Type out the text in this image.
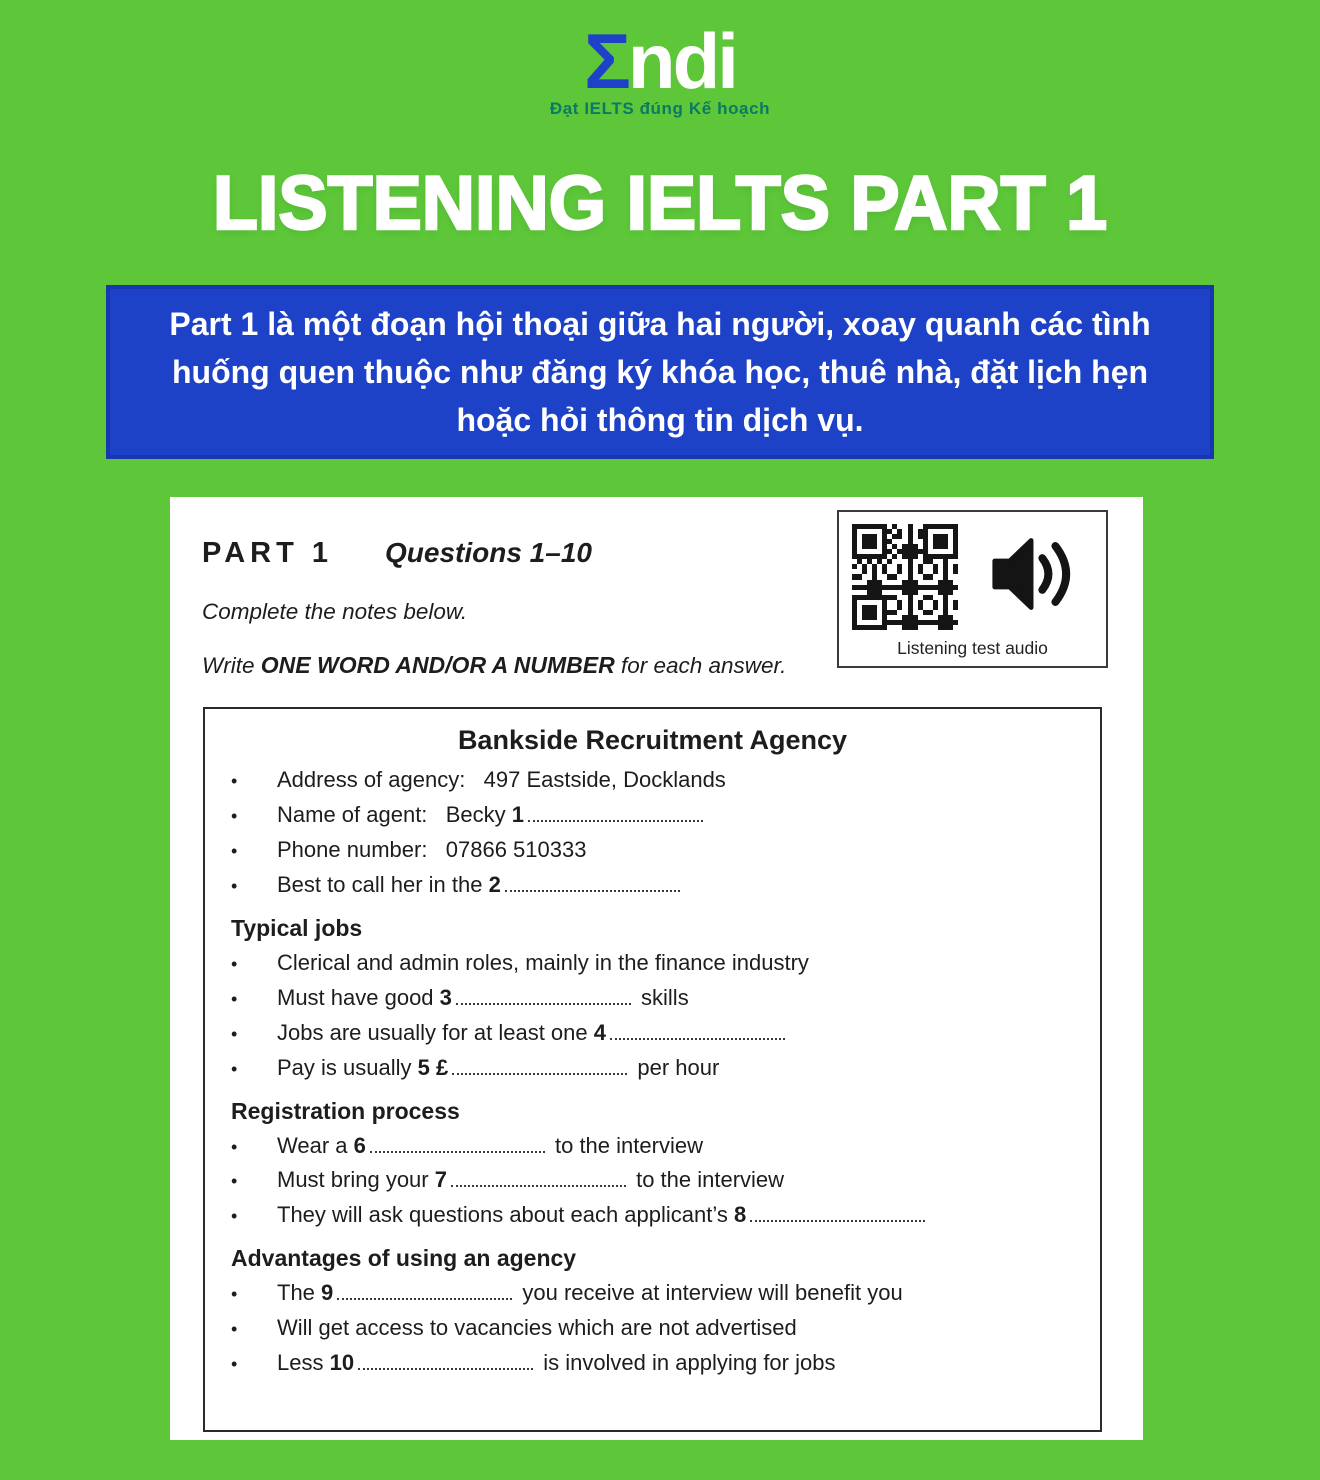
Σndi
Đạt IELTS đúng Kế hoạch
LISTENING IELTS PART 1

Part 1 là một đoạn hội thoại giữa hai người, xoay quanh các tình huống quen thuộc như đăng ký khóa học, thuê nhà, đặt lịch hẹn hoặc hỏi thông tin dịch vụ.

PART 1 Questions 1–10
Complete the notes below.
Write ONE WORD AND/OR A NUMBER for each answer.
Listening test audio
Bankside Recruitment Agency
•	Address of agency:   497 Eastside, Docklands
•	Name of agent:   Becky 1
•	Phone number:   07866 510333
•	Best to call her in the 2
Typical jobs
•	Clerical and admin roles, mainly in the finance industry
•	Must have good 3	skills
•	Jobs are usually for at least one 4
•	Pay is usually 5 £	per hour
Registration process
•	Wear a 6	to the interview
•	Must bring your 7	to the interview
•	They will ask questions about each applicant’s 8
Advantages of using an agency
•	The 9	you receive at interview will benefit you
•	Will get access to vacancies which are not advertised
•	Less 10	is involved in applying for jobs
